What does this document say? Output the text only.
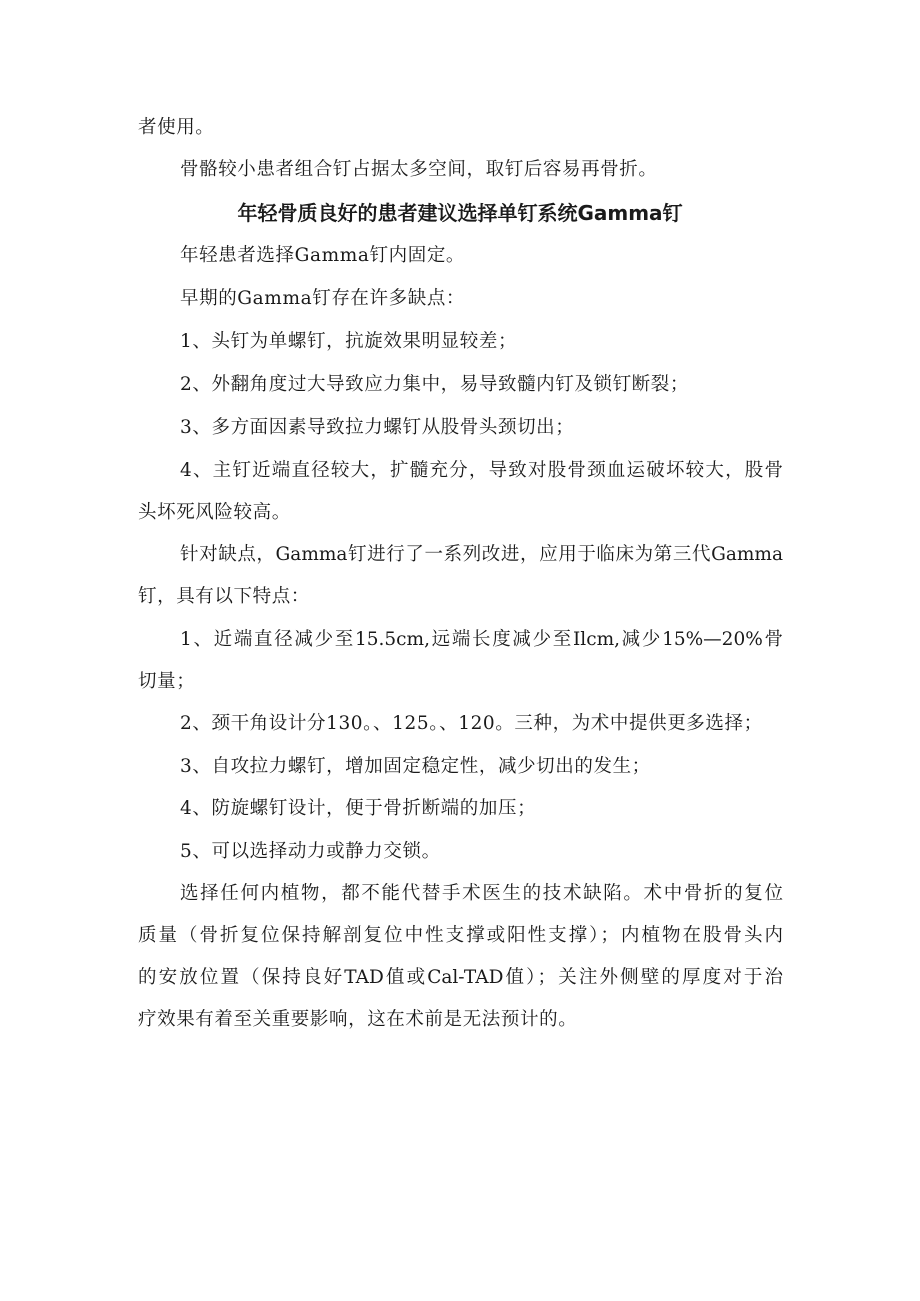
者使用。
骨骼较小患者组合钉占据太多空间，取钉后容易再骨折。
年轻骨质良好的患者建议选择单钉系统Gamma钉
年轻患者选择Gamma钉内固定。
早期的Gamma钉存在许多缺点：
1、头钉为单螺钉，抗旋效果明显较差；
2、外翻角度过大导致应力集中，易导致髓内钉及锁钉断裂；
3、多方面因素导致拉力螺钉从股骨头颈切出；
4、主钉近端直径较大，扩髓充分，导致对股骨颈血运破坏较大，股骨
头坏死风险较高。
针对缺点，Gamma钉进行了一系列改进，应用于临床为第三代Gamma
钉，具有以下特点：
1、近端直径减少至15.5cm,远端长度减少至Ilcm,减少15%—20%骨
切量；
2、颈干角设计分130。、125。、120。三种，为术中提供更多选择；
3、自攻拉力螺钉，增加固定稳定性，减少切出的发生；
4、防旋螺钉设计，便于骨折断端的加压；
5、可以选择动力或静力交锁。
选择任何内植物，都不能代替手术医生的技术缺陷。术中骨折的复位
质量（骨折复位保持解剖复位中性支撑或阳性支撑）；内植物在股骨头内
的安放位置（保持良好TAD值或Cal-TAD值）；关注外侧壁的厚度对于治
疗效果有着至关重要影响，这在术前是无法预计的。
